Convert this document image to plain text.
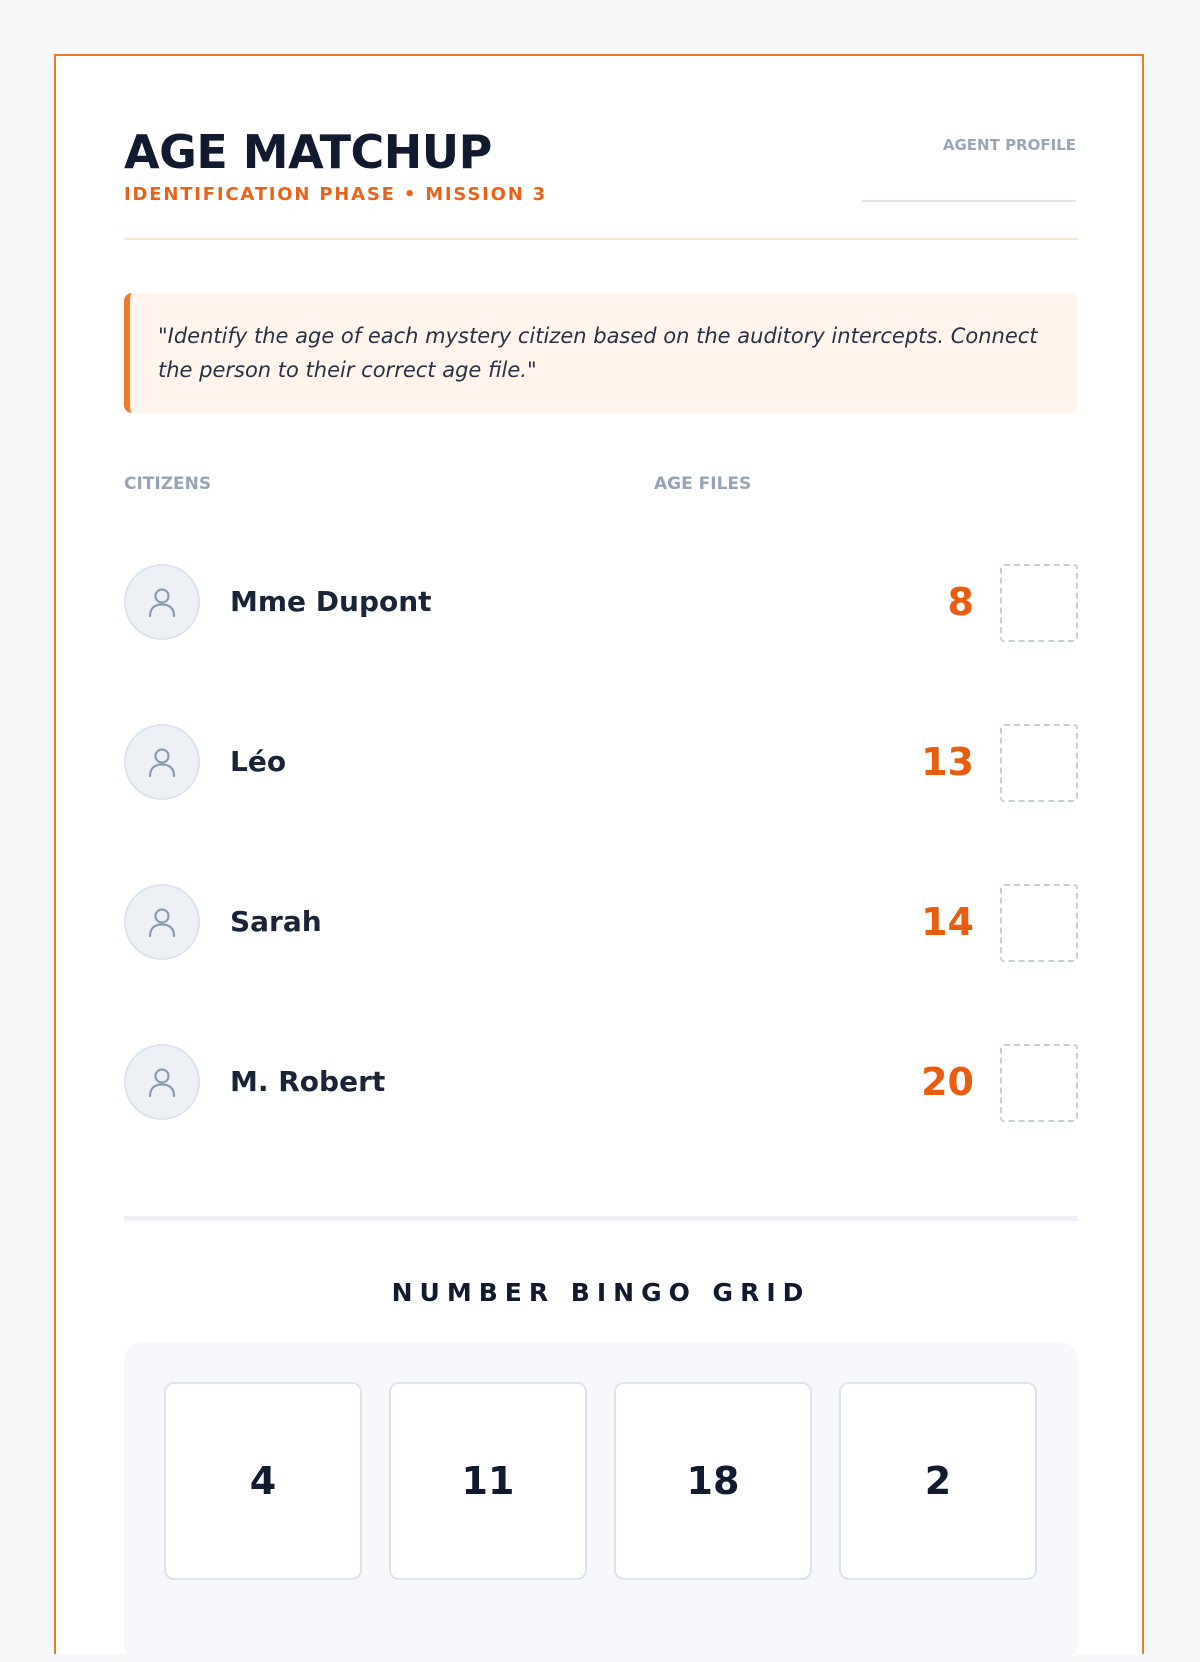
AGE MATCHUP
IDENTIFICATION PHASE • MISSION 3
AGENT PROFILE
"Identify the age of each mystery citizen based on the auditory intercepts. Connect the person to their correct age file."
CITIZENS	AGE FILES
Mme Dupont	8
Léo	13
Sarah	14
M. Robert	20
NUMBER BINGO GRID
4	11	18	2
